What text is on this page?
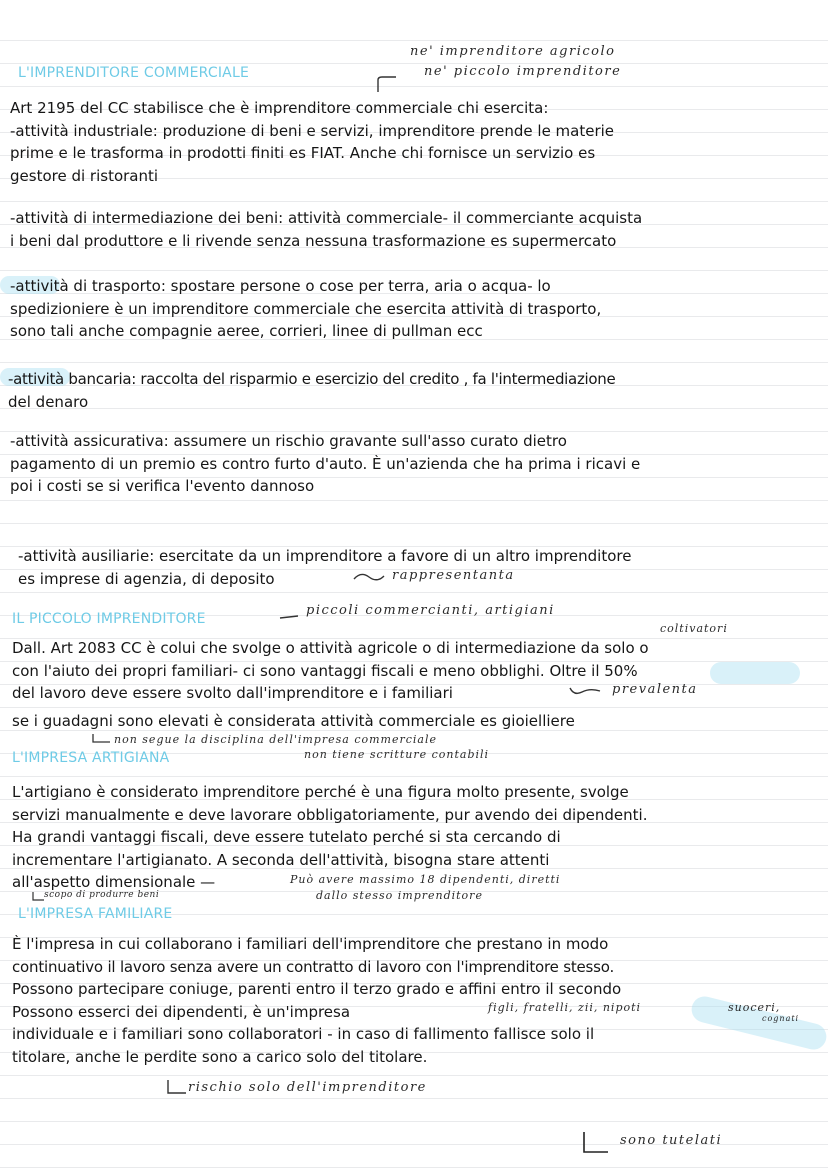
L'IMPRENDITORE COMMERCIALE
IL PICCOLO IMPRENDITORE
L'IMPRESA ARTIGIANA
L'IMPRESA FAMILIARE
ne' imprenditore agricolo
ne' piccolo imprenditore
rappresentanta
piccoli commercianti, artigiani
coltivatori
prevalenta
non segue la disciplina dell'impresa commerciale
non tiene scritture contabili
Può avere massimo 18 dipendenti, diretti
dallo stesso imprenditore
scopo di produrre beni
figli, fratelli, zii, nipoti	suoceri,
cognati
rischio solo dell'imprenditore
sono tutelati
Art 2195 del CC stabilisce che è imprenditore commerciale chi esercita:
-attività industriale: produzione di beni e servizi, imprenditore prende le materie
prime e le trasforma in prodotti finiti es FIAT. Anche chi fornisce un servizio es
gestore di ristoranti
-attività di intermediazione dei beni: attività commerciale- il commerciante acquista
i beni dal produttore e li rivende senza nessuna trasformazione es supermercato
-attività di trasporto: spostare persone o cose per terra, aria o acqua- lo
spedizioniere è un imprenditore commerciale che esercita attività di trasporto,
sono tali anche compagnie aeree, corrieri, linee di pullman ecc
-attività bancaria: raccolta del risparmio e esercizio del credito , fa l'intermediazione
del denaro
-attività assicurativa: assumere un rischio gravante sull'asso curato dietro
pagamento di un premio es contro furto d'auto. È un'azienda che ha prima i ricavi e
poi i costi se si verifica l'evento dannoso
-attività ausiliarie: esercitate da un imprenditore a favore di un altro imprenditore
es imprese di agenzia, di deposito
Dall. Art 2083 CC è colui che svolge o attività agricole o di intermediazione da solo o
con l'aiuto dei propri familiari- ci sono vantaggi fiscali e meno obblighi. Oltre il 50%
del lavoro deve essere svolto dall'imprenditore e i familiari
se i guadagni sono elevati è considerata attività commerciale es gioielliere
L'artigiano è considerato imprenditore perché è una figura molto presente, svolge
servizi manualmente e deve lavorare obbligatoriamente, pur avendo dei dipendenti.
Ha grandi vantaggi fiscali, deve essere tutelato perché si sta cercando di
incrementare l'artigianato. A seconda dell'attività, bisogna stare attenti
all'aspetto dimensionale —
È l'impresa in cui collaborano i familiari dell'imprenditore che prestano in modo
continuativo il lavoro senza avere un contratto di lavoro con l'imprenditore stesso.
Possono partecipare coniuge, parenti entro il terzo grado e affini entro il secondo
Possono esserci dei dipendenti, è un'impresa
individuale e i familiari sono collaboratori - in caso di fallimento fallisce solo il
titolare, anche le perdite sono a carico solo del titolare.
